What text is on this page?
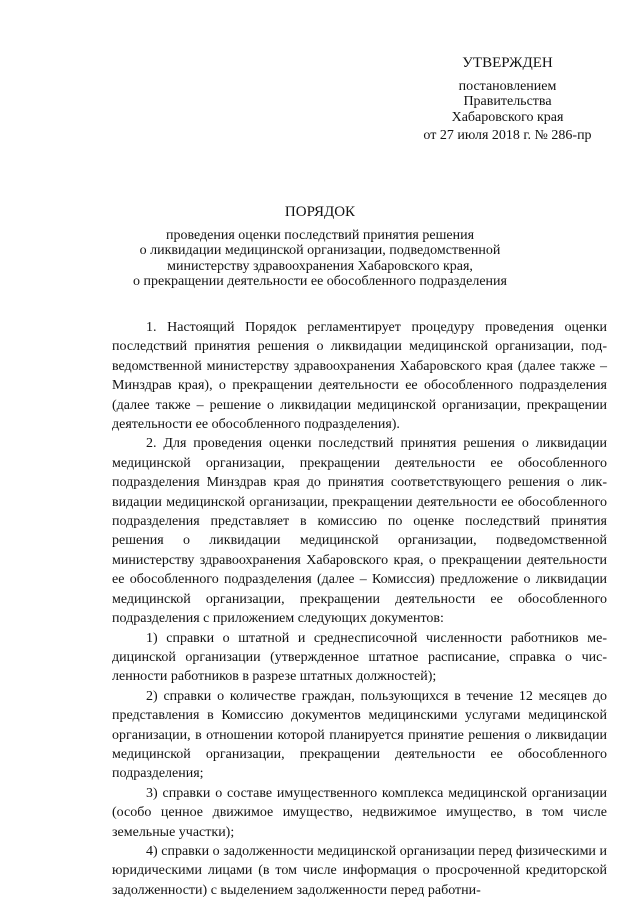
УТВЕРЖДЕН
постановлением
Правительства
Хабаровского края
от 27 июля 2018 г. № 286-пр
ПОРЯДОК
проведения оценки последствий принятия решения
о ликвидации медицинской организации, подведомственной
министерству здравоохранения Хабаровского края,
о прекращении деятельности ее обособленного подразделения

1. Настоящий Порядок регламентирует процедуру проведения оценки последствий принятия решения о ликвидации медицинской организации, подведомственной министерству здравоохранения Хабаровского края (далее также – Минздрав края), о прекращении деятельности ее обособленного подразделения (далее также – решение о ликвидации медицинской организации, прекращении деятельности ее обособленного подразделения).

2. Для проведения оценки последствий принятия решения о ликвидации медицинской организации, прекращении деятельности ее обособленного подразделения Минздрав края до принятия соответствующего решения о ликвидации медицинской организации, прекращении деятельности ее обособленного подразделения представляет в комиссию по оценке последствий принятия решения о ликвидации медицинской организации, подведомственной министерству здравоохранения Хабаровского края, о прекращении деятельности ее обособленного подразделения (далее – Комиссия) предложение о ликвидации медицинской организации, прекращении деятельности ее обособленного подразделения с приложением следующих документов:

1) справки о штатной и среднесписочной численности работников медицинской организации (утвержденное штатное расписание, справка о численности работников в разрезе штатных должностей);

2) справки о количестве граждан, пользующихся в течение 12 месяцев до представления в Комиссию документов медицинскими услугами медицинской организации, в отношении которой планируется принятие решения о ликвидации медицинской организации, прекращении деятельности ее обособленного подразделения;

3) справки о составе имущественного комплекса медицинской организации (особо ценное движимое имущество, недвижимое имущество, в том числе земельные участки);

4) справки о задолженности медицинской организации перед физическими и юридическими лицами (в том числе информация о просроченной кредиторской задолженности) с выделением задолженности перед работни-
